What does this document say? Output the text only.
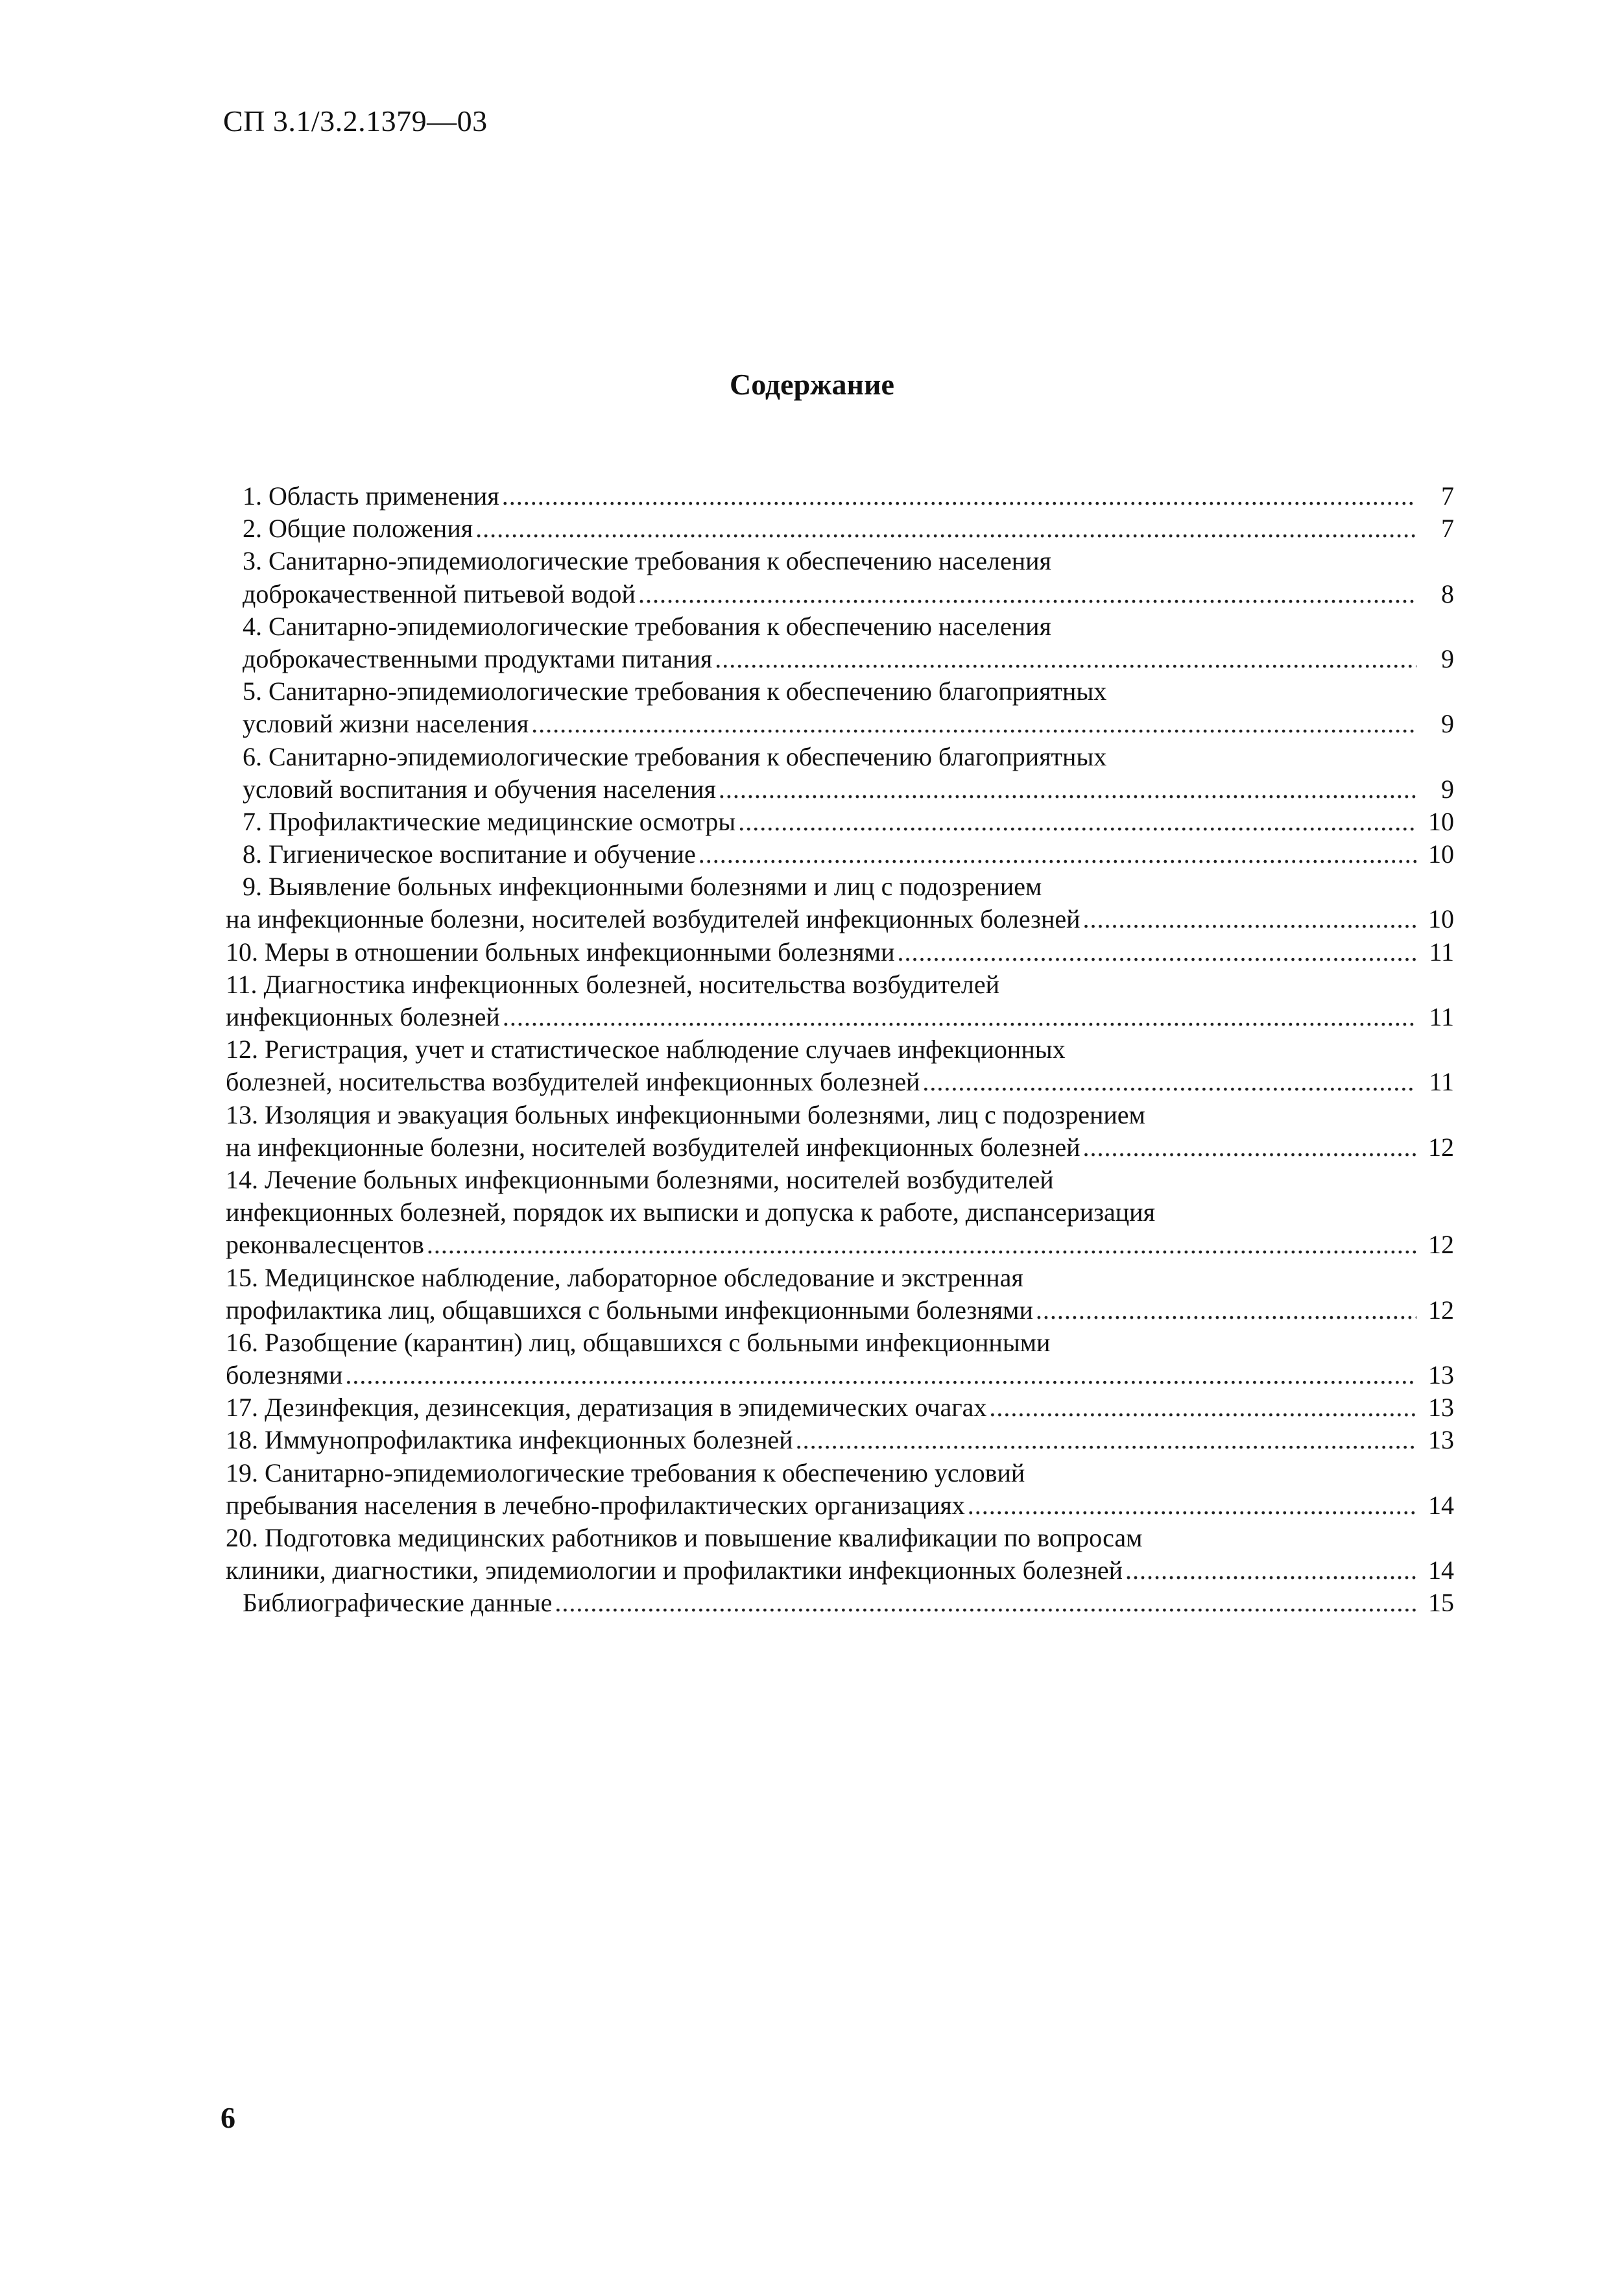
СП 3.1/3.2.1379—03
Содержание
1. Область применения .....	7
2. Общие положения .....	7
3. Санитарно-эпидемиологические требования к обеспечению населения
доброкачественной питьевой водой .....	8
4. Санитарно-эпидемиологические требования к обеспечению населения
доброкачественными продуктами питания .....	9
5. Санитарно-эпидемиологические требования к обеспечению благоприятных
условий жизни населения .....	9
6. Санитарно-эпидемиологические требования к обеспечению благоприятных
условий воспитания и обучения населения .....	9
7. Профилактические медицинские осмотры .....	10
8. Гигиеническое воспитание и обучение .....	10
9. Выявление больных инфекционными болезнями и лиц с подозрением
на инфекционные болезни, носителей возбудителей инфекционных болезней .....	10
10. Меры в отношении больных инфекционными болезнями .....	11
11. Диагностика инфекционных болезней, носительства возбудителей
инфекционных болезней .....	11
12. Регистрация, учет и статистическое наблюдение случаев инфекционных
болезней, носительства возбудителей инфекционных болезней .....	11
13. Изоляция и эвакуация больных инфекционными болезнями, лиц с подозрением
на инфекционные болезни, носителей возбудителей инфекционных болезней .....	12
14. Лечение больных инфекционными болезнями, носителей возбудителей
инфекционных болезней, порядок их выписки и допуска к работе, диспансеризация
реконвалесцентов .....	12
15. Медицинское наблюдение, лабораторное обследование и экстренная
профилактика лиц, общавшихся с больными инфекционными болезнями .....	12
16. Разобщение (карантин) лиц, общавшихся с больными инфекционными
болезнями .....	13
17. Дезинфекция, дезинсекция, дератизация в эпидемических очагах .....	13
18. Иммунопрофилактика инфекционных болезней .....	13
19. Санитарно-эпидемиологические требования к обеспечению условий
пребывания населения в лечебно-профилактических организациях .....	14
20. Подготовка медицинских работников и повышение квалификации по вопросам
клиники, диагностики, эпидемиологии и профилактики инфекционных болезней .....	14
Библиографические данные .....	15
6
